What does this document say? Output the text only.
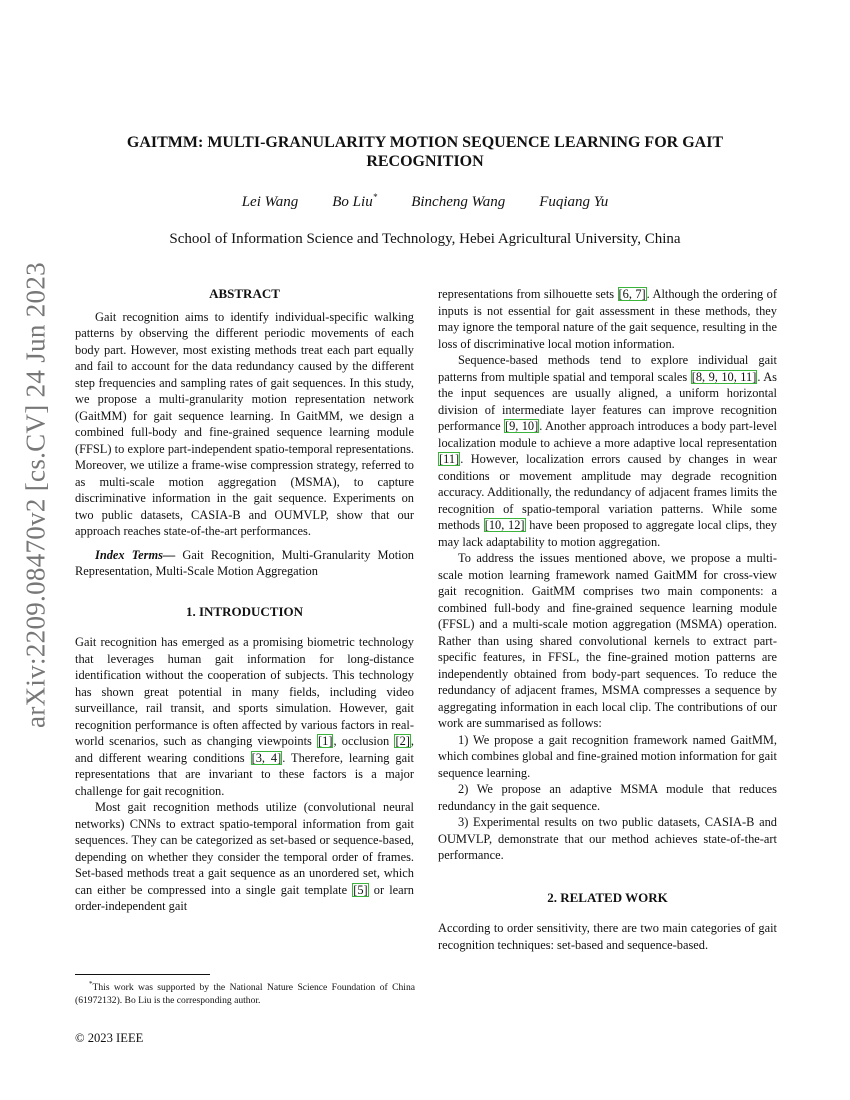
arXiv:2209.08470v2 [cs.CV] 24 Jun 2023
GAITMM: MULTI-GRANULARITY MOTION SEQUENCE LEARNING FOR GAIT RECOGNITION
Lei Wang Bo Liu* Bincheng Wang Fuqiang Yu
School of Information Science and Technology, Hebei Agricultural University, China
ABSTRACT

Gait recognition aims to identify individual-specific walking patterns by observing the different periodic movements of each body part. However, most existing methods treat each part equally and fail to account for the data redundancy caused by the different step frequencies and sampling rates of gait sequences. In this study, we propose a multi-granularity motion representation network (GaitMM) for gait sequence learning. In GaitMM, we design a combined full-body and fine-grained sequence learning module (FFSL) to explore part-independent spatio-temporal representations. Moreover, we utilize a frame-wise compression strategy, referred to as multi-scale motion aggregation (MSMA), to capture discriminative information in the gait sequence. Experiments on two public datasets, CASIA-B and OUMVLP, show that our approach reaches state-of-the-art performances.

Index Terms— Gait Recognition, Multi-Granularity Motion Representation, Multi-Scale Motion Aggregation

1. INTRODUCTION

Gait recognition has emerged as a promising biometric technology that leverages human gait information for long-distance identification without the cooperation of subjects. This technology has shown great potential in many fields, including video surveillance, rail transit, and sports simulation. However, gait recognition performance is often affected by various factors in real-world scenarios, such as changing viewpoints [1], occlusion [2], and different wearing conditions [3, 4]. Therefore, learning gait representations that are invariant to these factors is a major challenge for gait recognition.

Most gait recognition methods utilize (convolutional neural networks) CNNs to extract spatio-temporal information from gait sequences. They can be categorized as set-based or sequence-based, depending on whether they consider the temporal order of frames. Set-based methods treat a gait sequence as an unordered set, which can either be compressed into a single gait template [5] or learn order-independent gait

*This work was supported by the National Nature Science Foundation of China (61972132). Bo Liu is the corresponding author.
© 2023 IEEE

representations from silhouette sets [6, 7]. Although the ordering of inputs is not essential for gait assessment in these methods, they may ignore the temporal nature of the gait sequence, resulting in the loss of discriminative local motion information.

Sequence-based methods tend to explore individual gait patterns from multiple spatial and temporal scales [8, 9, 10, 11]. As the input sequences are usually aligned, a uniform horizontal division of intermediate layer features can improve recognition performance [9, 10]. Another approach introduces a body part-level localization module to achieve a more adaptive local representation [11]. However, localization errors caused by changes in wear conditions or movement amplitude may degrade recognition accuracy. Additionally, the redundancy of adjacent frames limits the recognition of spatio-temporal variation patterns. While some methods [10, 12] have been proposed to aggregate local clips, they may lack adaptability to motion aggregation.

To address the issues mentioned above, we propose a multi-scale motion learning framework named GaitMM for cross-view gait recognition. GaitMM comprises two main components: a combined full-body and fine-grained sequence learning module (FFSL) and a multi-scale motion aggregation (MSMA) operation. Rather than using shared convolutional kernels to extract part-specific features, in FFSL, the fine-grained motion patterns are independently obtained from body-part sequences. To reduce the redundancy of adjacent frames, MSMA compresses a sequence by aggregating information in each local clip. The contributions of our work are summarised as follows:

1) We propose a gait recognition framework named GaitMM, which combines global and fine-grained motion information for gait sequence learning.

2) We propose an adaptive MSMA module that reduces redundancy in the gait sequence.

3) Experimental results on two public datasets, CASIA-B and OUMVLP, demonstrate that our method achieves state-of-the-art performance.

2. RELATED WORK

According to order sensitivity, there are two main categories of gait recognition techniques: set-based and sequence-based.
